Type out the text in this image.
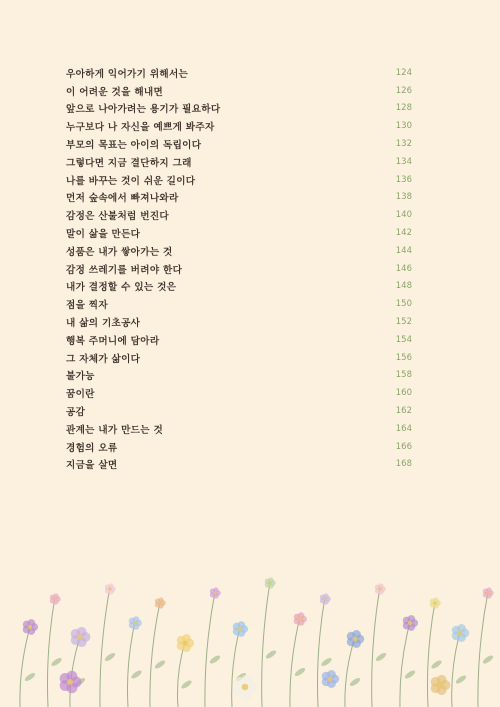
우아하게 익어가기 위해서는	124
이 어려운 것을 해내면	126
앞으로 나아가려는 용기가 필요하다	128
누구보다 나 자신을 예쁘게 봐주자	130
부모의 목표는 아이의 독립이다	132
그렇다면 지금 결단하지 그래	134
나를 바꾸는 것이 쉬운 길이다	136
먼저 숲속에서 빠져나와라	138
감정은 산불처럼 번진다	140
말이 삶을 만든다	142
성품은 내가 쌓아가는 것	144
감정 쓰레기를 버려야 한다	146
내가 결정할 수 있는 것은	148
점을 찍자	150
내 삶의 기초공사	152
행복 주머니에 담아라	154
그 자체가 삶이다	156
불가능	158
꿈이란	160
공감	162
관계는 내가 만드는 것	164
경험의 오류	166
지금을 살면	168
